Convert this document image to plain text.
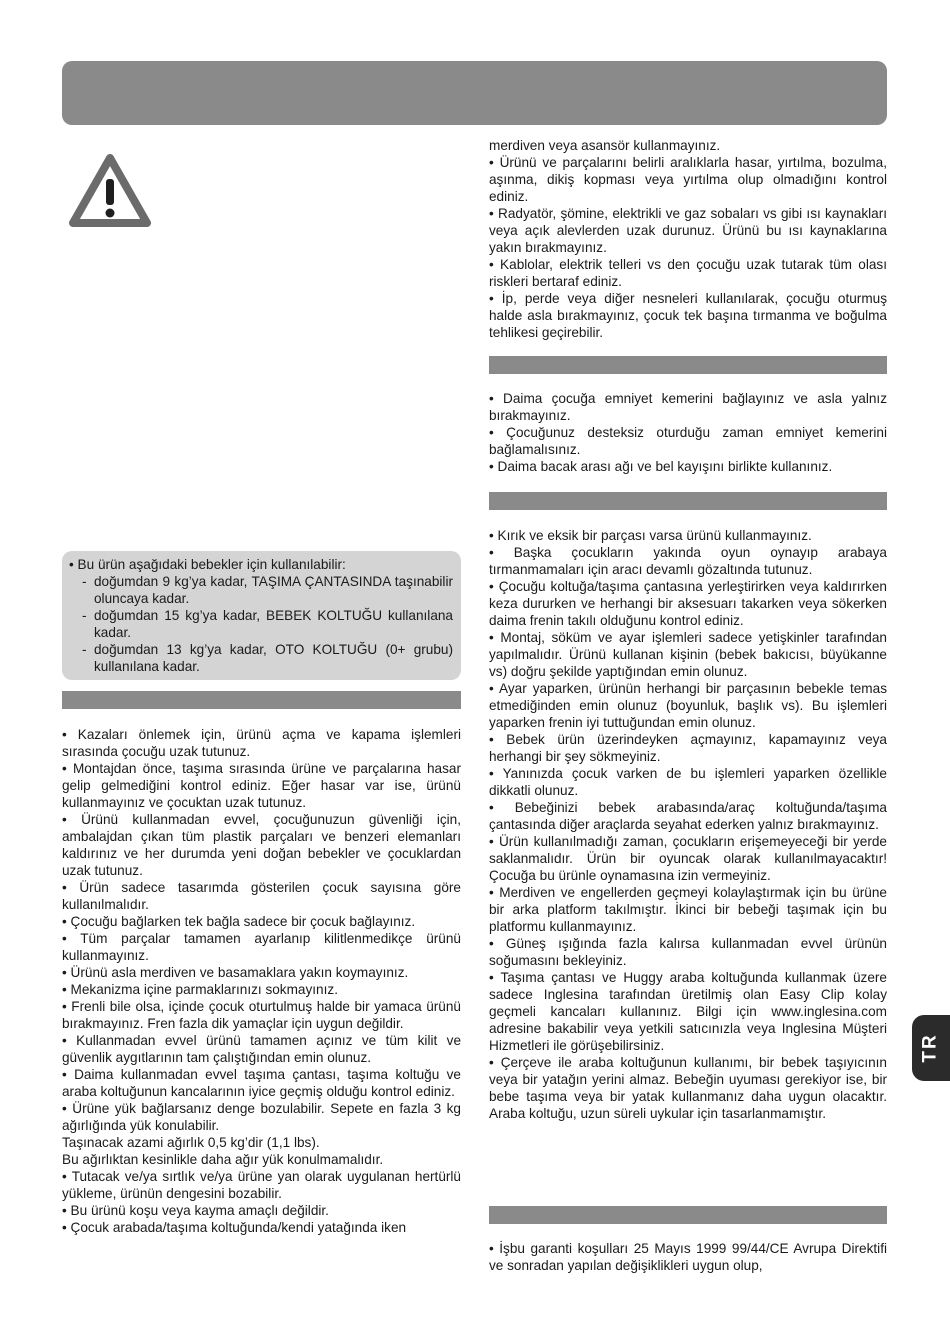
• Bu ürün aşağıdaki bebekler için kullanılabilir:

- doğumdan 9 kg’ya kadar, TAŞIMA ÇANTASINDA taşınabilir oluncaya kadar.
- doğumdan 15 kg’ya kadar, BEBEK KOLTUĞU kullanılana kadar.
- doğumdan 13 kg’ya kadar, OTO KOLTUĞU (0+ grubu) kullanılana kadar.

• Kazaları önlemek için, ürünü açma ve kapama işlemleri sırasında çocuğu uzak tutunuz.

• Montajdan önce, taşıma sırasında ürüne ve parçalarına hasar gelip gelmediğini kontrol ediniz. Eğer hasar var ise, ürünü kullanmayınız ve çocuktan uzak tutunuz.

• Ürünü kullanmadan evvel, çocuğunuzun güvenliği için, ambalajdan çıkan tüm plastik parçaları ve benzeri elemanları kaldırınız ve her durumda yeni doğan bebekler ve çocuklardan uzak tutunuz.

• Ürün sadece tasarımda gösterilen çocuk sayısına göre kullanılmalıdır.

• Çocuğu bağlarken tek bağla sadece bir çocuk bağlayınız.

• Tüm parçalar tamamen ayarlanıp kilitlenmedikçe ürünü kullanmayınız.

• Ürünü asla merdiven ve basamaklara yakın koymayınız.

• Mekanizma içine parmaklarınızı sokmayınız.

• Frenli bile olsa, içinde çocuk oturtulmuş halde bir yamaca ürünü bırakmayınız. Fren fazla dik yamaçlar için uygun değildir.

• Kullanmadan evvel ürünü tamamen açınız ve tüm kilit ve güvenlik aygıtlarının tam çalıştığından emin olunuz.

• Daima kullanmadan evvel taşıma çantası, taşıma koltuğu ve araba koltuğunun kancalarının iyice geçmiş olduğu kontrol ediniz.

• Ürüne yük bağlarsanız denge bozulabilir. Sepete en fazla 3 kg ağırlığında yük konulabilir.

Taşınacak azami ağırlık 0,5 kg’dir (1,1 lbs).

Bu ağırlıktan kesinlikle daha ağır yük konulmamalıdır.

• Tutacak ve/ya sırtlık ve/ya ürüne yan olarak uygulanan hertürlü yükleme, ürünün dengesini bozabilir.

• Bu ürünü koşu veya kayma amaçlı değildir.

• Çocuk arabada/taşıma koltuğunda/kendi yatağında iken

merdiven veya asansör kullanmayınız.

• Ürünü ve parçalarını belirli aralıklarla hasar, yırtılma, bozulma, aşınma, dikiş kopması veya yırtılma olup olmadığını kontrol ediniz.

• Radyatör, şömine, elektrikli ve gaz sobaları vs gibi ısı kaynakları veya açık alevlerden uzak durunuz. Ürünü bu ısı kaynaklarına yakın bırakmayınız.

• Kablolar, elektrik telleri vs den çocuğu uzak tutarak tüm olası riskleri bertaraf ediniz.

• İp, perde veya diğer nesneleri kullanılarak, çocuğu oturmuş halde asla bırakmayınız, çocuk tek başına tırmanma ve boğulma tehlikesi geçirebilir.

• Daima çocuğa emniyet kemerini bağlayınız ve asla yalnız bırakmayınız.

• Çocuğunuz desteksiz oturduğu zaman emniyet kemerini bağlamalısınız.

• Daima bacak arası ağı ve bel kayışını birlikte kullanınız.

• Kırık ve eksik bir parçası varsa ürünü kullanmayınız.

• Başka çocukların yakında oyun oynayıp arabaya tırmanmamaları için aracı devamlı gözaltında tutunuz.

• Çocuğu koltuğa/taşıma çantasına yerleştirirken veya kaldırırken keza dururken ve herhangi bir aksesuarı takarken veya sökerken daima frenin takılı olduğunu kontrol ediniz.

• Montaj, söküm ve ayar işlemleri sadece yetişkinler tarafından yapılmalıdır. Ürünü kullanan kişinin (bebek bakıcısı, büyükanne vs) doğru şekilde yaptığından emin olunuz.

• Ayar yaparken, ürünün herhangi bir parçasının bebekle temas etmediğinden emin olunuz (boyunluk, başlık vs). Bu işlemleri yaparken frenin iyi tuttuğundan emin olunuz.

• Bebek ürün üzerindeyken açmayınız, kapamayınız veya herhangi bir şey sökmeyiniz.

• Yanınızda çocuk varken de bu işlemleri yaparken özellikle dikkatli olunuz.

• Bebeğinizi bebek arabasında/araç koltuğunda/taşıma çantasında diğer araçlarda seyahat ederken yalnız bırakmayınız.

• Ürün kullanılmadığı zaman, çocukların erişemeyeceği bir yerde saklanmalıdır. Ürün bir oyuncak olarak kullanılmayacaktır! Çocuğa bu ürünle oynamasına izin vermeyiniz.

• Merdiven ve engellerden geçmeyi kolaylaştırmak için bu ürüne bir arka platform takılmıştır. İkinci bir bebeği taşımak için bu platformu kullanmayınız.

• Güneş ışığında fazla kalırsa kullanmadan evvel ürünün soğumasını bekleyiniz.

• Taşıma çantası ve Huggy araba koltuğunda kullanmak üzere sadece Inglesina tarafından üretilmiş olan Easy Clip kolay geçmeli kancaları kullanınız. Bilgi için www.inglesina.com adresine bakabilir veya yetkili satıcınızla veya Inglesina Müşteri Hizmetleri ile görüşebilirsiniz.

• Çerçeve ile araba koltuğunun kullanımı, bir bebek taşıyıcının veya bir yatağın yerini almaz. Bebeğin uyuması gerekiyor ise, bir bebe taşıma veya bir yatak kullanmanız daha uygun olacaktır. Araba koltuğu, uzun süreli uykular için tasarlanmamıştır.

• İşbu garanti koşulları 25 Mayıs 1999 99/44/CE Avrupa Direktifi ve sonradan yapılan değişiklikleri uygun olup,

TR
